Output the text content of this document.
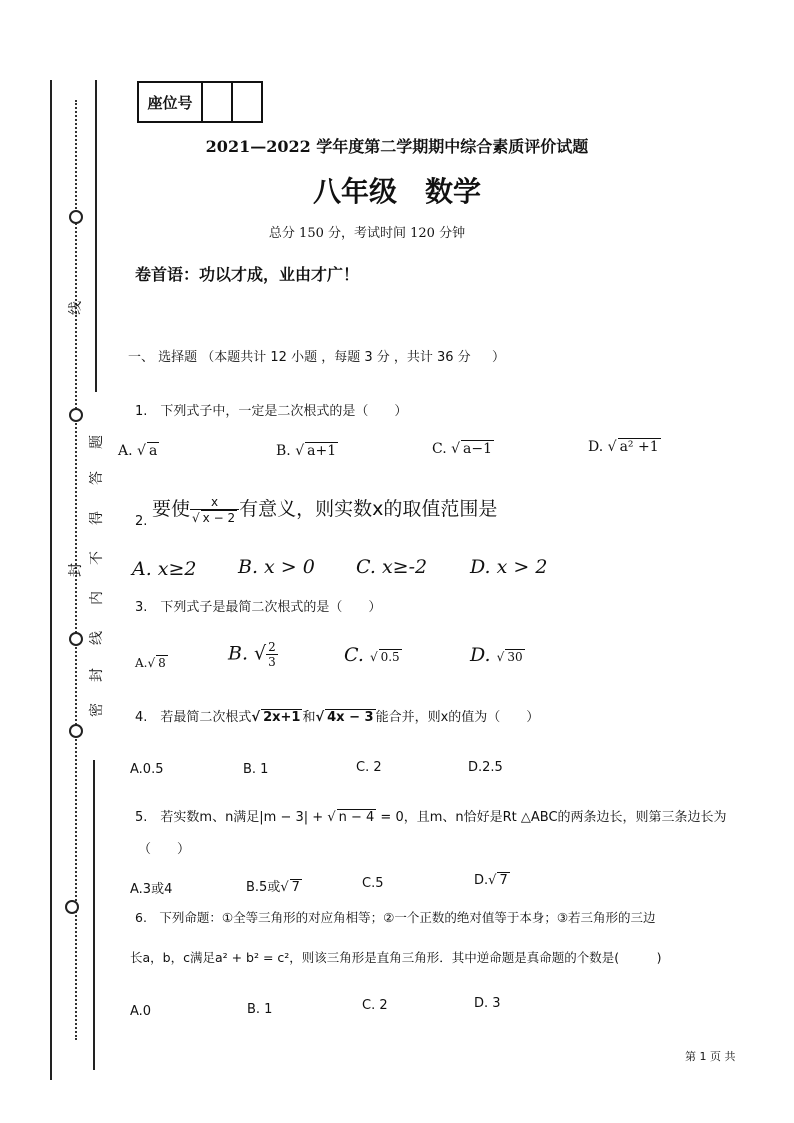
线
题
答
得
不
内
封
线
密
封
座位号
2021—2022 学年度第二学期期中综合素质评价试题
八年级　数学
总分 150 分，考试时间 120 分钟
卷首语：功以才成，业由才广！
一、 选择题 （本题共计 12 小题 ，每题 3 分 ，共计 36 分 　 ）
1.　下列式子中，一定是二次根式的是（　　）
A. √ a	B. √ a+1	C. √ a−1	D. √ a² +1
2.
要使 $\frac{x}{√ x - 2}$ 有意义，则实数x的取值范围是
A. x≥2 B. x > 0 C. x≥-2 D. x > 2
3.　下列式子是最简二次根式的是（　　）
A.√ 8	B. √ $\frac{2}{3}$	C. √ 0.5	D. √ 30
4.　若最简二次根式√ 2x+1 和√ 4x − 3 能合并，则x的值为（　　）
A.0.5	B. 1	C. 2	D.2.5
5.　若实数m、n满足|m − 3| + √ n − 4 = 0，且m、n恰好是Rt △ABC的两条边长，则第三条边长为
（　　）
A.3或4	B.5或√ 7	C.5	D.√ 7
6.　下列命题：①全等三角形的对应角相等；②一个正数的绝对值等于本身；③若三角形的三边
长a，b，c满足a² + b² = c²，则该三角形是直角三角形．其中逆命题是真命题的个数是(　　　)
A.0	B. 1	C. 2	D. 3
第 1 页 共
